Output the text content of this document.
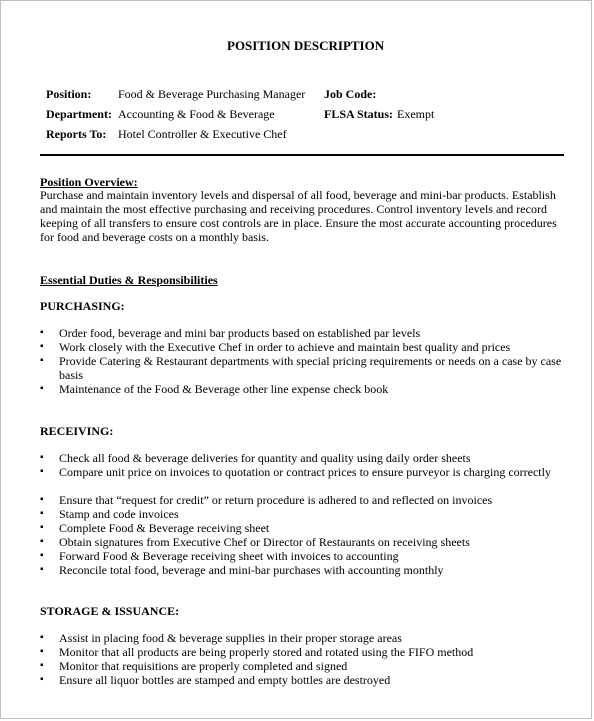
POSITION DESCRIPTION
Position: Food & Beverage Purchasing Manager
Department: Accounting & Food & Beverage
Reports To: Hotel Controller & Executive Chef
Job Code:
FLSA Status: Exempt
Position Overview:
Purchase and maintain inventory levels and dispersal of all food, beverage and mini-bar products. Establish and maintain the most effective purchasing and receiving procedures. Control inventory levels and record keeping of all transfers to ensure cost controls are in place. Ensure the most accurate accounting procedures for food and beverage costs on a monthly basis.
Essential Duties & Responsibilities
PURCHASING:
▪ Order food, beverage and mini bar products based on established par levels
▪ Work closely with the Executive Chef in order to achieve and maintain best quality and prices
▪ Provide Catering & Restaurant departments with special pricing requirements or needs on a case by case basis
▪ Maintenance of the Food & Beverage other line expense check book
RECEIVING:
▪ Check all food & beverage deliveries for quantity and quality using daily order sheets
▪ Compare unit price on invoices to quotation or contract prices to ensure purveyor is charging correctly
▪ Ensure that “request for credit” or return procedure is adhered to and reflected on invoices
▪ Stamp and code invoices
▪ Complete Food & Beverage receiving sheet
▪ Obtain signatures from Executive Chef or Director of Restaurants on receiving sheets
▪ Forward Food & Beverage receiving sheet with invoices to accounting
▪ Reconcile total food, beverage and mini-bar purchases with accounting monthly
STORAGE & ISSUANCE:
▪ Assist in placing food & beverage supplies in their proper storage areas
▪ Monitor that all products are being properly stored and rotated using the FIFO method
▪ Monitor that requisitions are properly completed and signed
▪ Ensure all liquor bottles are stamped and empty bottles are destroyed
